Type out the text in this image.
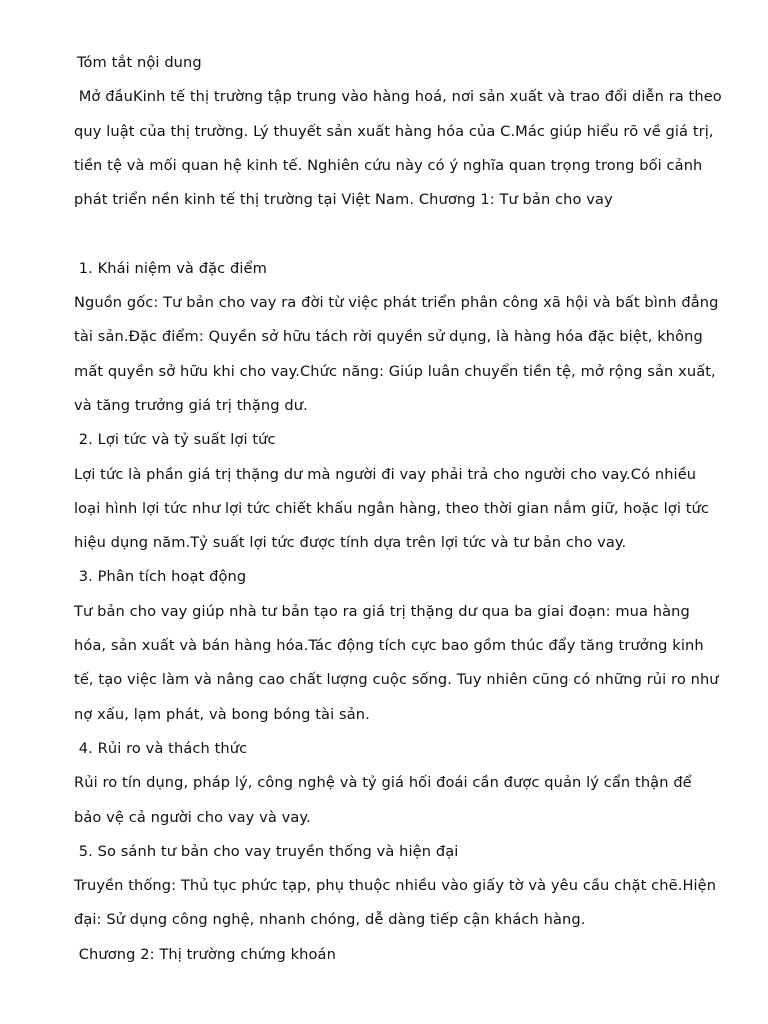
Tóm tắt nội dung
Mở đầuKinh tế thị trường tập trung vào hàng hoá, nơi sản xuất và trao đổi diễn ra theo
quy luật của thị trường. Lý thuyết sản xuất hàng hóa của C.Mác giúp hiểu rõ về giá trị,
tiền tệ và mối quan hệ kinh tế. Nghiên cứu này có ý nghĩa quan trọng trong bối cảnh
phát triển nền kinh tế thị trường tại Việt Nam. Chương 1: Tư bản cho vay
1. Khái niệm và đặc điểm
Nguồn gốc: Tư bản cho vay ra đời từ việc phát triển phân công xã hội và bất bình đẳng
tài sản.Đặc điểm: Quyền sở hữu tách rời quyền sử dụng, là hàng hóa đặc biệt, không
mất quyền sở hữu khi cho vay.Chức năng: Giúp luân chuyển tiền tệ, mở rộng sản xuất,
và tăng trưởng giá trị thặng dư.
2. Lợi tức và tỷ suất lợi tức
Lợi tức là phần giá trị thặng dư mà người đi vay phải trả cho người cho vay.Có nhiều
loại hình lợi tức như lợi tức chiết khấu ngân hàng, theo thời gian nắm giữ, hoặc lợi tức
hiệu dụng năm.Tỷ suất lợi tức được tính dựa trên lợi tức và tư bản cho vay.
3. Phân tích hoạt động
Tư bản cho vay giúp nhà tư bản tạo ra giá trị thặng dư qua ba giai đoạn: mua hàng
hóa, sản xuất và bán hàng hóa.Tác động tích cực bao gồm thúc đẩy tăng trưởng kinh
tế, tạo việc làm và nâng cao chất lượng cuộc sống. Tuy nhiên cũng có những rủi ro như
nợ xấu, lạm phát, và bong bóng tài sản.
4. Rủi ro và thách thức
Rủi ro tín dụng, pháp lý, công nghệ và tỷ giá hối đoái cần được quản lý cẩn thận để
bảo vệ cả người cho vay và vay.
5. So sánh tư bản cho vay truyền thống và hiện đại
Truyền thống: Thủ tục phức tạp, phụ thuộc nhiều vào giấy tờ và yêu cầu chặt chẽ.Hiện
đại: Sử dụng công nghệ, nhanh chóng, dễ dàng tiếp cận khách hàng.
Chương 2: Thị trường chứng khoán
